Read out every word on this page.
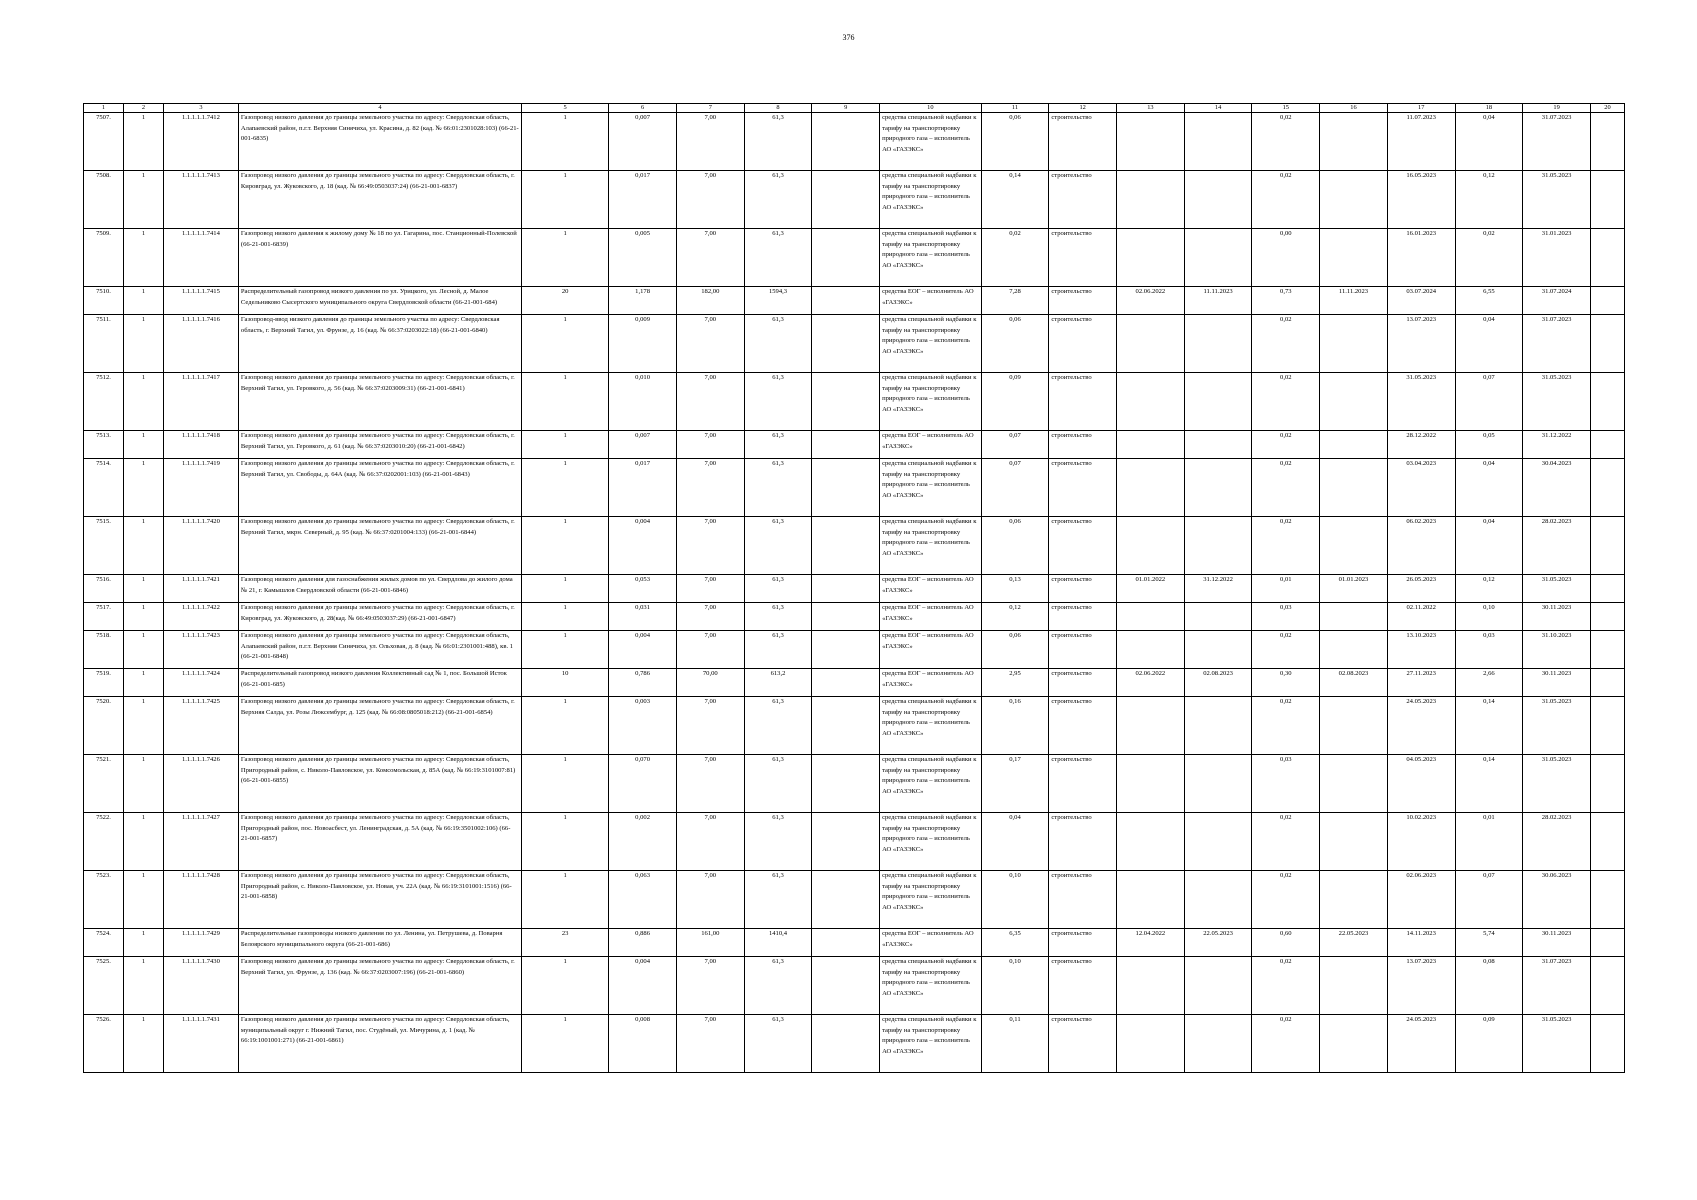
376
1	2	3	4	5	6	7	8	9	10	11	12	13	14	15	16	17	18	19	20
7507.	1	1.1.1.1.1.7412	Газопровод низкого давления до границы земельного участка по адресу: Свердловская область, Алапаевский район, п.г.т. Верхняя Синячиха, ул. Красина, д. 82 (кад. № 66:01:2301028:103) (66-21-001-6835)	1	0,007	7,00	61,3		средства специальной надбавки к тарифу на транспортировку природного газа – исполнитель АО «ГАЗЭКС»	0,06	строительство			0,02		11.07.2023	0,04	31.07.2023	
7508.	1	1.1.1.1.1.7413	Газопровод низкого давления до границы земельного участка по адресу: Свердловская область, г. Кировград, ул. Жуковского, д. 18 (кад. № 66:49:0503037:24) (66-21-001-6837)	1	0,017	7,00	61,3		средства специальной надбавки к тарифу на транспортировку природного газа – исполнитель АО «ГАЗЭКС»	0,14	строительство			0,02		16.05.2023	0,12	31.05.2023	
7509.	1	1.1.1.1.1.7414	Газопровод низкого давления к жилому дому № 18 по ул. Гагарина, пос. Станционный-Полевской (66-21-001-6839)	1	0,005	7,00	61,3		средства специальной надбавки к тарифу на транспортировку природного газа – исполнитель АО «ГАЗЭКС»	0,02	строительство			0,00		16.01.2023	0,02	31.01.2023	
7510.	1	1.1.1.1.1.7415	Распределительный газопровод низкого давления по ул. Урицкого, ул. Лесной, д. Малое Седельниково Сысертского муниципального округа Свердловской области (66-21-001-684)	20	1,178	182,00	1594,3		средства ЕОГ – исполнитель АО «ГАЗЭКС»	7,28	строительство	02.06.2022	11.11.2023	0,73	11.11.2023	03.07.2024	6,55	31.07.2024	
7511.	1	1.1.1.1.1.7416	Газопровод-ввод низкого давления до границы земельного участка по адресу: Свердловская область, г. Верхний Тагил, ул. Фрунзе, д. 16 (кад. № 66:37:0203022:18) (66-21-001-6840)	1	0,009	7,00	61,3		средства специальной надбавки к тарифу на транспортировку природного газа – исполнитель АО «ГАЗЭКС»	0,06	строительство			0,02		13.07.2023	0,04	31.07.2023	
7512.	1	1.1.1.1.1.7417	Газопровод низкого давления до границы земельного участка по адресу: Свердловская область, г. Верхний Тагил, ул. Геровкого, д. 56 (кад. № 66:37:0203009:31) (66-21-001-6841)	1	0,010	7,00	61,3		средства специальной надбавки к тарифу на транспортировку природного газа – исполнитель АО «ГАЗЭКС»	0,09	строительство			0,02		31.05.2023	0,07	31.05.2023	
7513.	1	1.1.1.1.1.7418	Газопровод низкого давления до границы земельного участка по адресу: Свердловская область, г. Верхний Тагил, ул. Геровкого, д. 61 (кад. № 66:37:0203010:20) (66-21-001-6842)	1	0,007	7,00	61,3		средства ЕОГ – исполнитель АО «ГАЗЭКС»	0,07	строительство			0,02		28.12.2022	0,05	31.12.2022	
7514.	1	1.1.1.1.1.7419	Газопровод низкого давления до границы земельного участка по адресу: Свердловская область, г. Верхний Тагил, ул. Свободы, д. 64А (кад. № 66:37:0202001:103) (66-21-001-6843)	1	0,017	7,00	61,3		средства специальной надбавки к тарифу на транспортировку природного газа – исполнитель АО «ГАЗЭКС»	0,07	строительство			0,02		03.04.2023	0,04	30.04.2023	
7515.	1	1.1.1.1.1.7420	Газопровод низкого давления до границы земельного участка по адресу: Свердловская область, г. Верхний Тагил, мкрн. Северный, д. 95 (кад. № 66:37:0201004:133) (66-21-001-6844)	1	0,004	7,00	61,3		средства специальной надбавки к тарифу на транспортировку природного газа – исполнитель АО «ГАЗЭКС»	0,06	строительство			0,02		06.02.2023	0,04	28.02.2023	
7516.	1	1.1.1.1.1.7421	Газопровод низкого давления для газоснабжения жилых домов по ул. Свердлова до жилого дома № 21, г. Камышлов Свердловской области (66-21-001-6846)	1	0,053	7,00	61,3		средства ЕОГ – исполнитель АО «ГАЗЭКС»	0,13	строительство	01.01.2022	31.12.2022	0,01	01.01.2023	26.05.2023	0,12	31.05.2023	
7517.	1	1.1.1.1.1.7422	Газопровод низкого давления до границы земельного участка по адресу: Свердловская область, г. Кировград, ул. Жуковского, д. 28(кад. № 66:49:0503037:29) (66-21-001-6847)	1	0,031	7,00	61,3		средства ЕОГ – исполнитель АО «ГАЗЭКС»	0,12	строительство			0,03		02.11.2022	0,10	30.11.2023	
7518.	1	1.1.1.1.1.7423	Газопровод низкого давления до границы земельного участка по адресу: Свердловская область, Алапаевский район, п.г.т. Верхняя Синячиха, ул. Ольховая, д. 8 (кад. № 66:01:2301001:488), кв. 1 (66-21-001-6848)	1	0,004	7,00	61,3		средства ЕОГ – исполнитель АО «ГАЗЭКС»	0,06	строительство			0,02		13.10.2023	0,03	31.10.2023	
7519.	1	1.1.1.1.1.7424	Распределительный газопровод низкого давления Коллективный сад № 1, пос. Большой Исток (66-21-001-685)	10	0,786	70,00	613,2		средства ЕОГ – исполнитель АО «ГАЗЭКС»	2,95	строительство	02.06.2022	02.08.2023	0,30	02.08.2023	27.11.2023	2,66	30.11.2023	
7520.	1	1.1.1.1.1.7425	Газопровод низкого давления до границы земельного участка по адресу: Свердловская область, г. Верхняя Салда, ул. Розы Люксембург, д. 125 (кад. № 66:08:0805018:212) (66-21-001-6854)	1	0,003	7,00	61,3		средства специальной надбавки к тарифу на транспортировку природного газа – исполнитель АО «ГАЗЭКС»	0,16	строительство			0,02		24.05.2023	0,14	31.05.2023	
7521.	1	1.1.1.1.1.7426	Газопровод низкого давления до границы земельного участка по адресу: Свердловская область, Пригородный район, с. Николо-Павловское, ул. Комсомольская, д. 85А (кад. № 66:19:3101007:81) (66-21-001-6855)	1	0,070	7,00	61,3		средства специальной надбавки к тарифу на транспортировку природного газа – исполнитель АО «ГАЗЭКС»	0,17	строительство			0,03		04.05.2023	0,14	31.05.2023	
7522.	1	1.1.1.1.1.7427	Газопровод низкого давления до границы земельного участка по адресу: Свердловская область, Пригородный район, пос. Новоасбест, ул. Ленинградская, д. 5А (кад. № 66:19:3501002:106) (66-21-001-6857)	1	0,002	7,00	61,3		средства специальной надбавки к тарифу на транспортировку природного газа – исполнитель АО «ГАЗЭКС»	0,04	строительство			0,02		10.02.2023	0,01	28.02.2023	
7523.	1	1.1.1.1.1.7428	Газопровод низкого давления до границы земельного участка по адресу: Свердловская область, Пригородный район, с. Николо-Павловское, ул. Новая, уч. 22А (кад. № 66:19:3101001:1516) (66-21-001-6858)	1	0,063	7,00	61,3		средства специальной надбавки к тарифу на транспортировку природного газа – исполнитель АО «ГАЗЭКС»	0,10	строительство			0,02		02.06.2023	0,07	30.06.2023	
7524.	1	1.1.1.1.1.7429	Распределительные газопроводы низкого давления по ул. Ленина, ул. Петрушева, д. Поварня Белоярского муниципального округа (66-21-001-686)	23	0,886	161,00	1410,4		средства ЕОГ – исполнитель АО «ГАЗЭКС»	6,35	строительство	12.04.2022	22.05.2023	0,60	22.05.2023	14.11.2023	5,74	30.11.2023	
7525.	1	1.1.1.1.1.7430	Газопровод низкого давления до границы земельного участка по адресу: Свердловская область, г. Верхний Тагил, ул. Фрунзе, д. 136 (кад. № 66:37:0203007:196) (66-21-001-6860)	1	0,004	7,00	61,3		средства специальной надбавки к тарифу на транспортировку природного газа – исполнитель АО «ГАЗЭКС»	0,10	строительство			0,02		13.07.2023	0,08	31.07.2023	
7526.	1	1.1.1.1.1.7431	Газопровод низкого давления до границы земельного участка по адресу: Свердловская область, муниципальный округ г. Нижний Тагил, пос. Студёный, ул. Мичурина, д. 1 (кад. № 66:19:1001001:271) (66-21-001-6861)	1	0,008	7,00	61,3		средства специальной надбавки к тарифу на транспортировку природного газа – исполнитель АО «ГАЗЭКС»	0,11	строительство			0,02		24.05.2023	0,09	31.05.2023	
